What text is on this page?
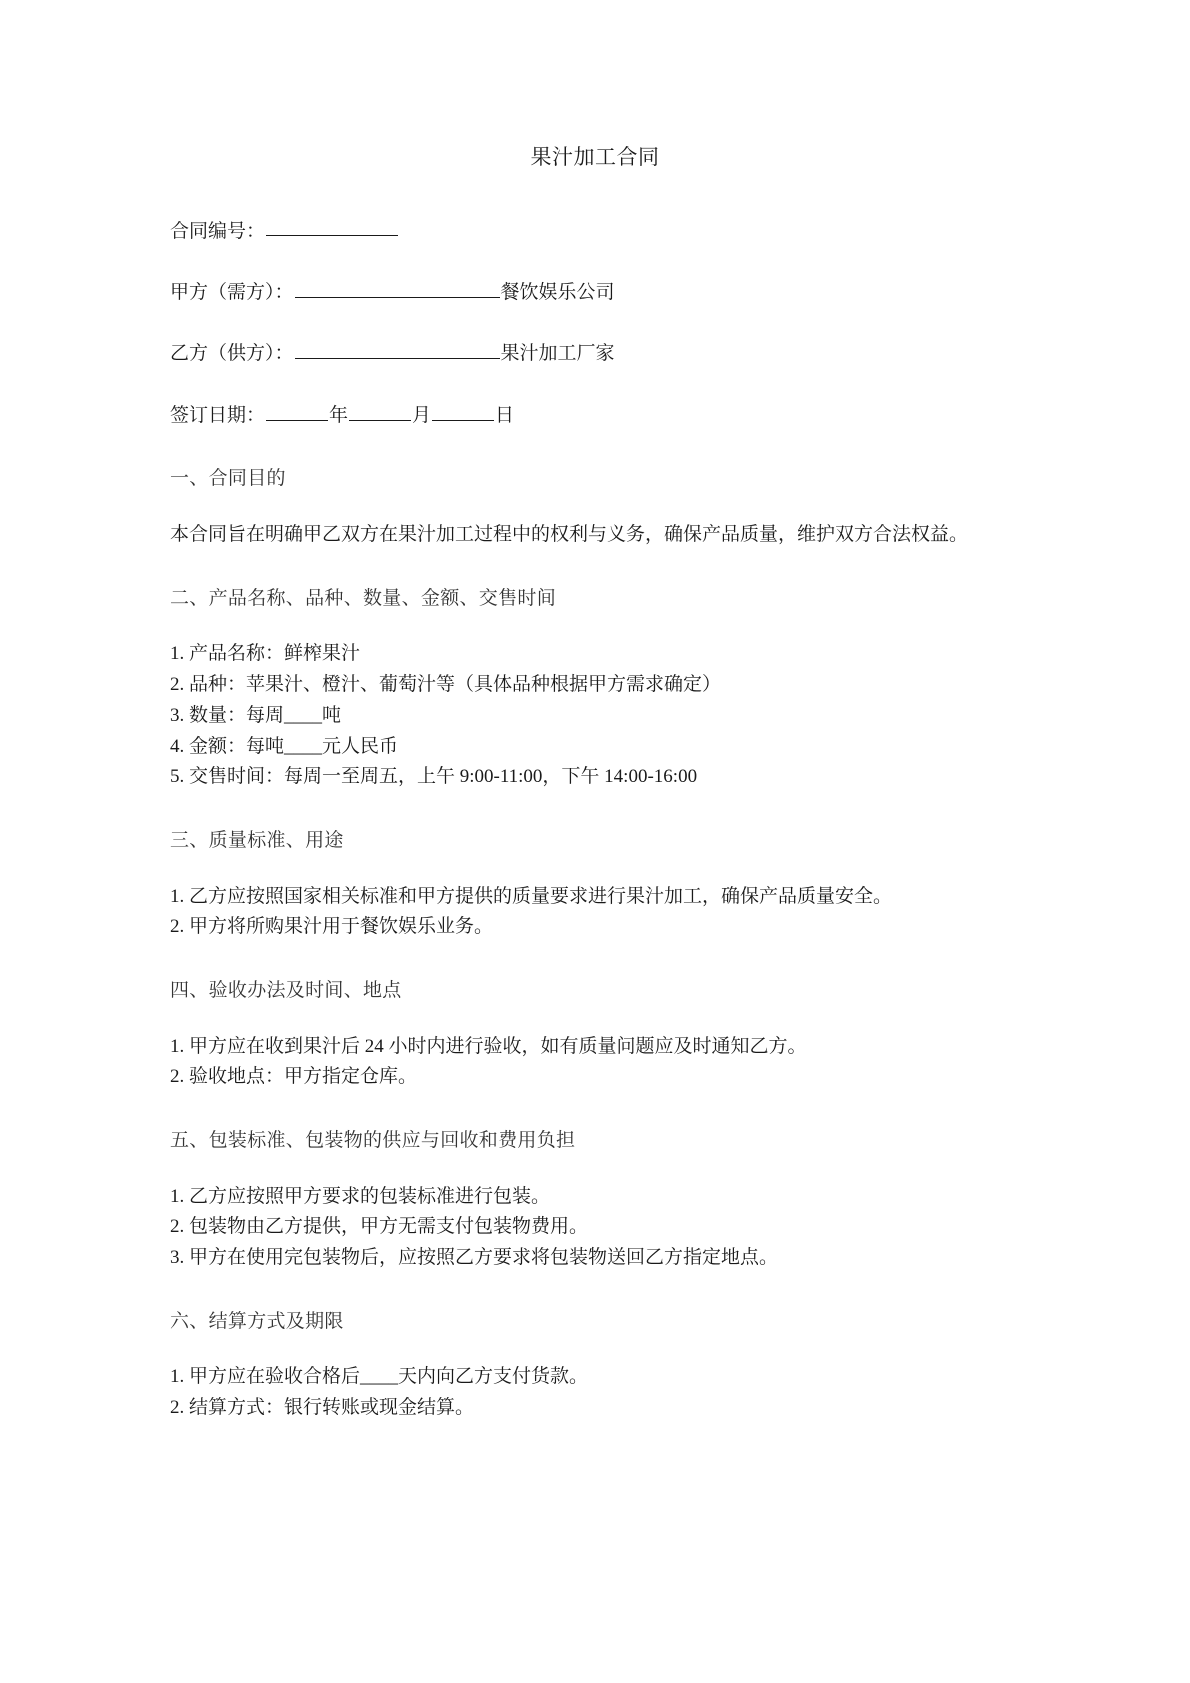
果汁加工合同
合同编号：
甲方（需方）：	餐饮娱乐公司
乙方（供方）：	果汁加工厂家
签订日期：	年	月	日
一、合同目的

本合同旨在明确甲乙双方在果汁加工过程中的权利与义务，确保产品质量，维护双方合法权益。

二、产品名称、品种、数量、金额、交售时间
1. 产品名称：鲜榨果汁
2. 品种：苹果汁、橙汁、葡萄汁等（具体品种根据甲方需求确定）
3. 数量：每周____吨
4. 金额：每吨____元人民币
5. 交售时间：每周一至周五，上午 9:00-11:00，下午 14:00-16:00
三、质量标准、用途
1. 乙方应按照国家相关标准和甲方提供的质量要求进行果汁加工，确保产品质量安全。
2. 甲方将所购果汁用于餐饮娱乐业务。
四、验收办法及时间、地点
1. 甲方应在收到果汁后 24 小时内进行验收，如有质量问题应及时通知乙方。
2. 验收地点：甲方指定仓库。
五、包装标准、包装物的供应与回收和费用负担
1. 乙方应按照甲方要求的包装标准进行包装。
2. 包装物由乙方提供，甲方无需支付包装物费用。
3. 甲方在使用完包装物后，应按照乙方要求将包装物送回乙方指定地点。
六、结算方式及期限
1. 甲方应在验收合格后____天内向乙方支付货款。
2. 结算方式：银行转账或现金结算。
